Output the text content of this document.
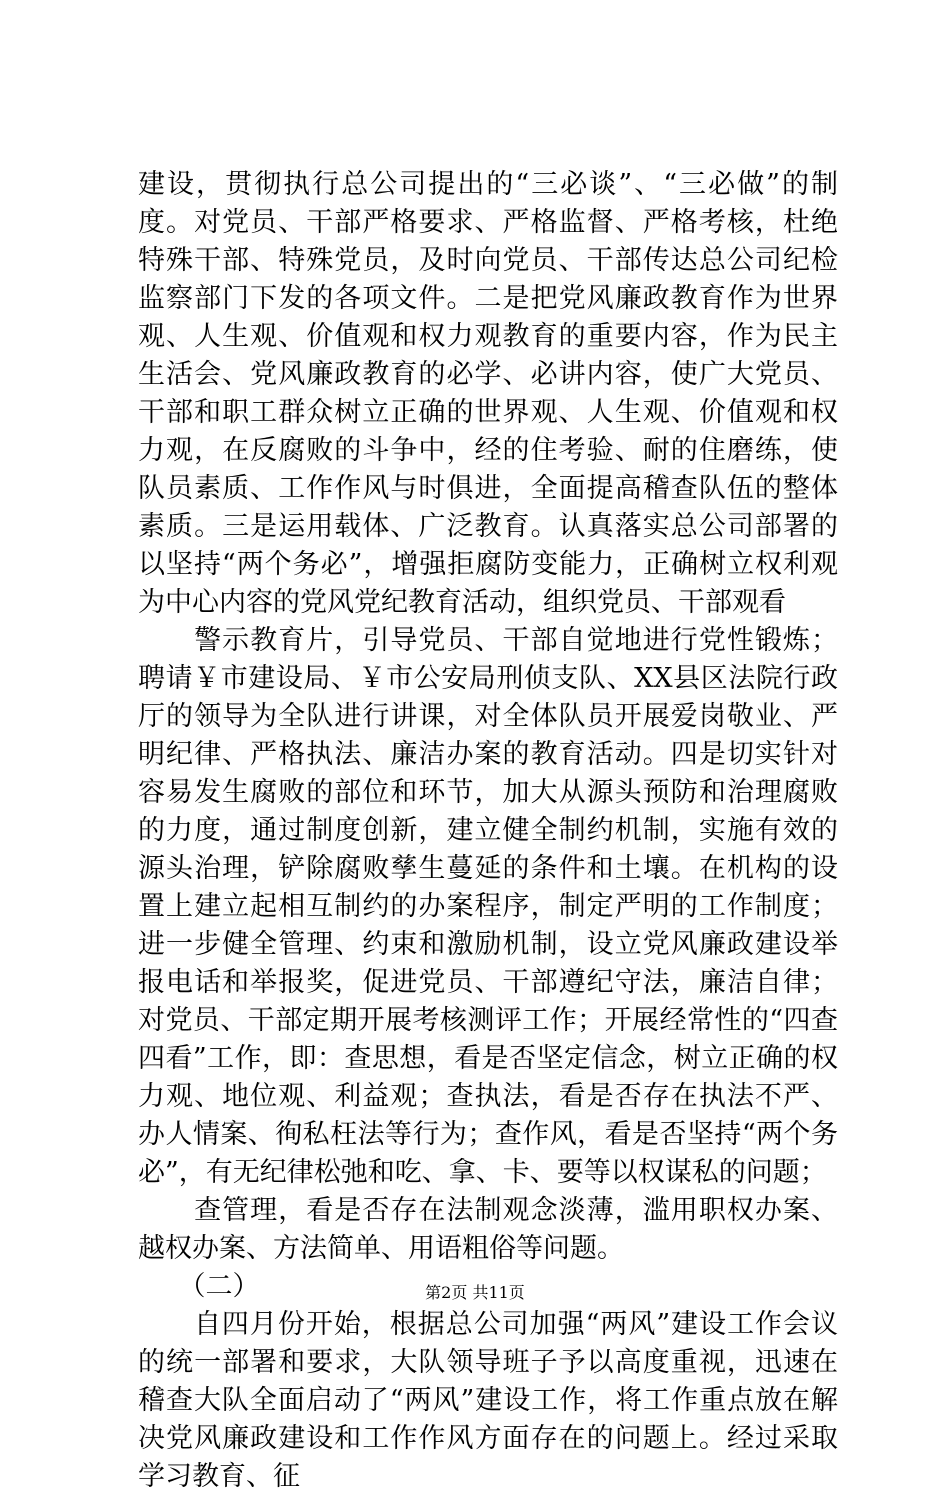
建设，贯彻执行总公司提出的“三必谈”、“三必做”的制度。对党员、干部严格要求、严格监督、严格考核，杜绝特殊干部、特殊党员，及时向党员、干部传达总公司纪检监察部门下发的各项文件。二是把党风廉政教育作为世界观、人生观、价值观和权力观教育的重要内容，作为民主生活会、党风廉政教育的必学、必讲内容，使广大党员、干部和职工群众树立正确的世界观、人生观、价值观和权力观，在反腐败的斗争中，经的住考验、耐的住磨练，使队员素质、工作作风与时俱进，全面提高稽查队伍的整体素质。三是运用载体、广泛教育。认真落实总公司部署的以坚持“两个务必”，增强拒腐防变能力，正确树立权利观为中心内容的党风党纪教育活动，组织党员、干部观看

　　警示教育片，引导党员、干部自觉地进行党性锻炼；聘请￥市建设局、￥市公安局刑侦支队、XX县区法院行政厅的领导为全队进行讲课，对全体队员开展爱岗敬业、严明纪律、严格执法、廉洁办案的教育活动。四是切实针对容易发生腐败的部位和环节，加大从源头预防和治理腐败的力度，通过制度创新，建立健全制约机制，实施有效的源头治理，铲除腐败孳生蔓延的条件和土壤。在机构的设置上建立起相互制约的办案程序，制定严明的工作制度；进一步健全管理、约束和激励机制，设立党风廉政建设举报电话和举报奖，促进党员、干部遵纪守法，廉洁自律；对党员、干部定期开展考核测评工作；开展经常性的“四查四看”工作，即：查思想，看是否坚定信念，树立正确的权力观、地位观、利益观；查执法，看是否存在执法不严、办人情案、徇私枉法等行为；查作风，看是否坚持“两个务必”，有无纪律松弛和吃、拿、卡、要等以权谋私的问题；

　　查管理，看是否存在法制观念淡薄，滥用职权办案、越权办案、方法简单、用语粗俗等问题。

　　（二）

　　自四月份开始，根据总公司加强“两风”建设工作会议的统一部署和要求，大队领导班子予以高度重视，迅速在稽查大队全面启动了“两风”建设工作，将工作重点放在解决党风廉政建设和工作作风方面存在的问题上。经过采取学习教育、征

第2页 共11页
